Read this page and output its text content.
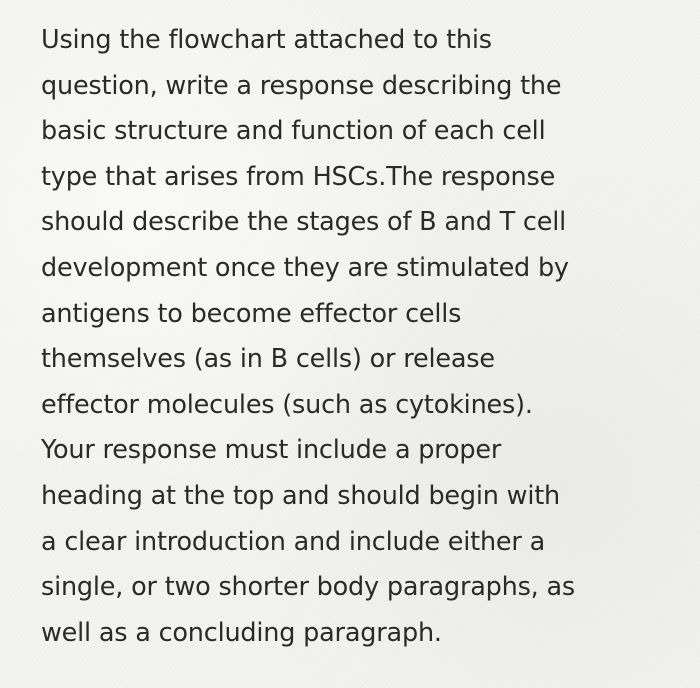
Using the flowchart attached to this
question, write a response describing the
basic structure and function of each cell
type that arises from HSCs.The response
should describe the stages of B and T cell
development once they are stimulated by
antigens to become effector cells
themselves (as in B cells) or release
effector molecules (such as cytokines).
Your response must include a proper
heading at the top and should begin with
a clear introduction and include either a
single, or two shorter body paragraphs, as
well as a concluding paragraph.
